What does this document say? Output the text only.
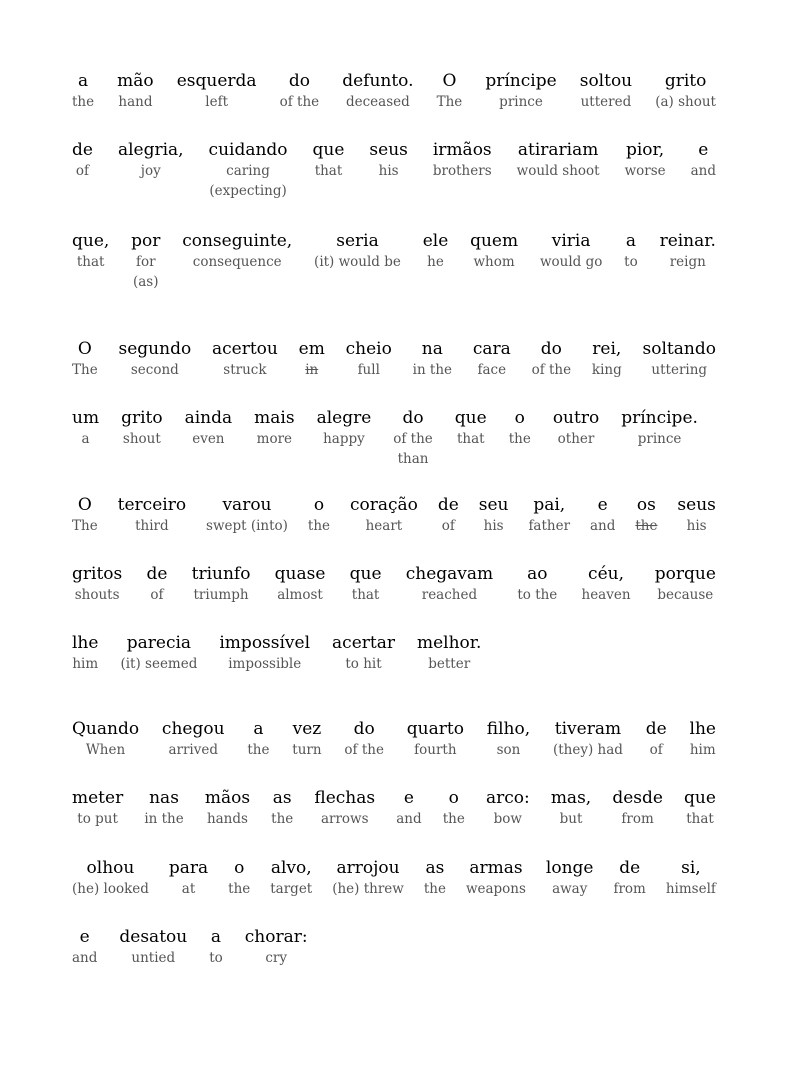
a
the
mão
hand
esquerda
left
do
of the
defunto.
deceased
O
The
príncipe
prince
soltou
uttered
grito
(a) shout
de
of
alegria,
joy
cuidando
caring
(expecting)
que
that
seus
his
irmãos
brothers
atirariam
would shoot
pior,
worse
e
and
que,
that
por
for
(as)
conseguinte,
consequence
seria
(it) would be
ele
he
quem
whom
viria
would go
a
to
reinar.
reign
O
The
segundo
second
acertou
struck
em
in
cheio
full
na
in the
cara
face
do
of the
rei,
king
soltando
uttering
um
a
grito
shout
ainda
even
mais
more
alegre
happy
do
of the
than
que
that
o
the
outro
other
príncipe.
prince
O
The
terceiro
third
varou
swept (into)
o
the
coração
heart
de
of
seu
his
pai,
father
e
and
os
the
seus
his
gritos
shouts
de
of
triunfo
triumph
quase
almost
que
that
chegavam
reached
ao
to the
céu,
heaven
porque
because
lhe
him
parecia
(it) seemed
impossível
impossible
acertar
to hit
melhor.
better
Quando
When
chegou
arrived
a
the
vez
turn
do
of the
quarto
fourth
filho,
son
tiveram
(they) had
de
of
lhe
him
meter
to put
nas
in the
mãos
hands
as
the
flechas
arrows
e
and
o
the
arco:
bow
mas,
but
desde
from
que
that
olhou
(he) looked
para
at
o
the
alvo,
target
arrojou
(he) threw
as
the
armas
weapons
longe
away
de
from
si,
himself
e
and
desatou
untied
a
to
chorar:
cry
